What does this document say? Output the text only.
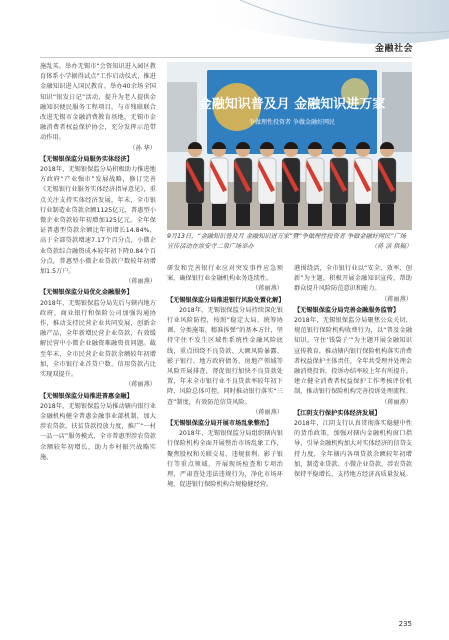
金融社会

施乱买。举办无锡市“会资知识进入园区教育体系小学据得试点”工作启动仪式，推进金融知识进入国民教育。举办40余场全国知识“银发日记”活动，提升为老人提供金融知识便民服务工程项目。与市残联联合改进无锡市金融消费教育基地，无锡市金融消费者权益保护协会，充分发挥示范带动作用。

（孙 华）

【无锡银保监分局服务实体经济】

2018年，无锡银保监分局积极助力推进地方政府“产业强市”发展战略，修订完善《无锡银行业服务实体经济指导意见》，重点关注支持实体经济发展，年末，全市银行业制造业贷款余额1125亿元，普惠型小微企业贷款较年初增加125亿元。全年保证普惠型贷款余额比年初增长14.84%，高于全部贷款增速7.17个百分点，小微企业贷款综合融资成本较年初下降0.84个百分点，普惠型小微企业贷款户数较年初增加1.5万户。

（蒋丽燕）

【无锡银保监分局优化金融服务】

2018年，无锡银保监分局先后与辖内地方政府、商业银行和保险公司加强沟通协作，推动支持民营企业共同发展，创新金融产品，全年新增民营企业贷款，有效缓解民营中小微企业融资难融资贵问题。截至年末，全市民营企业贷款余额较年初增加，全市银行业首贷户数、信用贷款占比实现双提升。

（蒋丽燕）

【无锡银保监分局推进普惠金融】

2018年，无锡银保监分局推动辖内银行业金融机构健全普惠金融事业部机制，加大涉农贷款、扶贫贷款投放力度，推广“一村一品一店”服务模式，全市普惠型涉农贷款余额较年初增长，助力乡村振兴战略实施。

金融知识普及月 金融知识进万家
争做理性投资者 争做金融好网民
9月13日，“金融知识普及月 金融知识进万家”暨“争做理性投资者 争做金融好网民”广场宣传活动在崇安寺二泉广场举办	（蒋 洁 供稿）

研发和完善银行业应对突发事件应急预案，确保银行业金融机构业务连续性。

（蒋丽燕）

【无锡银保监分局推进银行风险处置化解】

2018年，无锡银保监分局持续深化银行业风险防控，按照“稳定大局、统筹协调、分类施策、精准拆弹”的基本方针，坚持守住不发生区域性系统性金融风险底线，重点围绕不良贷款、大额风险暴露、影子银行、地方政府债务、房地产领域等风险开展排查，督促银行加快不良贷款处置，年末全市银行业不良贷款率较年初下降，风险总体可控。同时推动银行落实“三查”制度，有效防范信贷风险。

（蒋丽燕）

【无锡银保监分局开展市场乱象整治】

2018年，无锡银保监分局组织辖内银行保险机构全面开展整治市场乱象工作，聚焦股权和关联交易、违规套利、影子银行等重点领域，开展现场检查和专项治理，严肃查处违法违规行为，净化市场环境，促进银行保险机构合规稳健经营。

港围绕活，全市银行业以“安全、效率、创新”为主题，积极开展金融知识宣传，帮助群众提升风险防范意识和能力。

（蒋丽燕）

【无锡银保监分局完善金融服务监管】

2018年，无锡银保监分局聚焦公众关切，规范银行保险机构收费行为，以“普及金融知识，守住‘钱袋子’”为主题开展金融知识宣传教育，推动辖内银行保险机构落实消费者权益保护主体责任，全年共受理并处理金融消费投诉，投诉办结率较上年有所提升。建立健全消费者权益保护工作考核评价机制，推动银行保险机构完善投诉处理流程。

（蒋丽燕）

【江阴支行保护实体经济发展】

2018年，江阴支行认真贯彻落实稳健中性的货币政策，加强对辖内金融机构窗口指导，引导金融机构加大对实体经济的信贷支持力度，全年辖内各项贷款余额较年初增加，制造业贷款、小微企业贷款、涉农贷款保持平稳增长，支持地方经济高质量发展。

235
